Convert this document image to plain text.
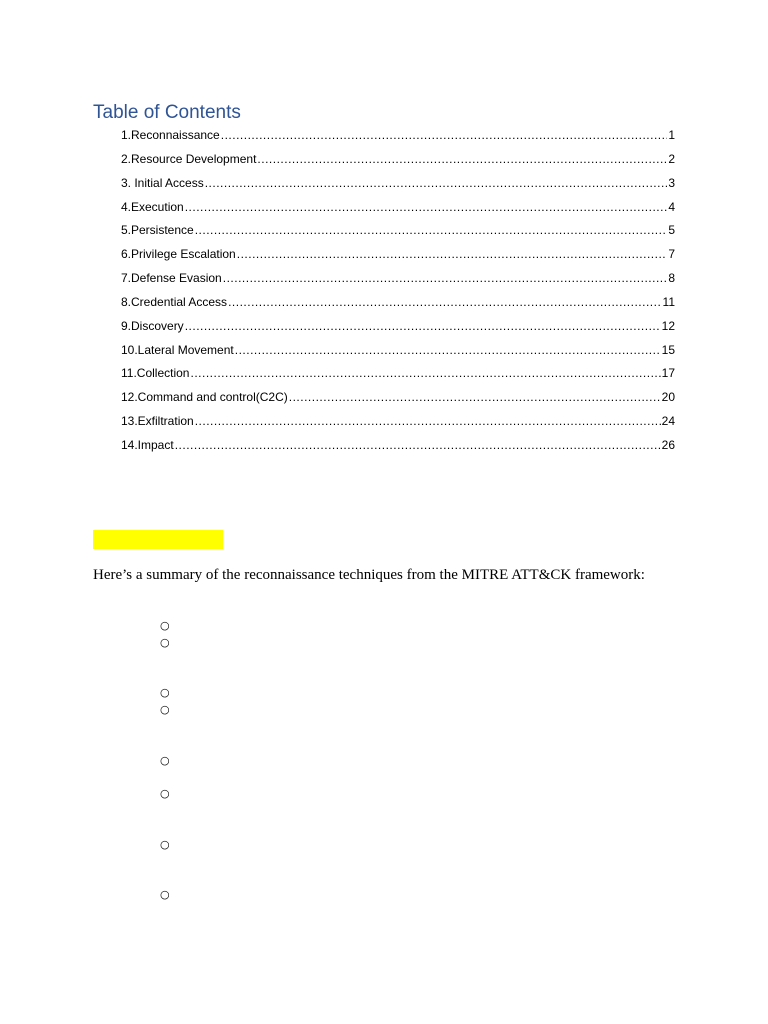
Table of Contents
1.Reconnaissance .....	1
2.Resource Development .....	2
3. Initial Access .....	3
4.Execution .....	4
5.Persistence .....	5
6.Privilege Escalation .....	7
7.Defense Evasion .....	8
8.Credential Access .....	11
9.Discovery .....	12
10.Lateral Movement .....	15
11.Collection .....	17
12.Command and control(C2C) .....	20
13.Exfiltration .....	24
14.Impact .....	26
Here’s a summary of the reconnaissance techniques from the MITRE ATT&CK framework:
○
○
○
○
○
○
○
○
